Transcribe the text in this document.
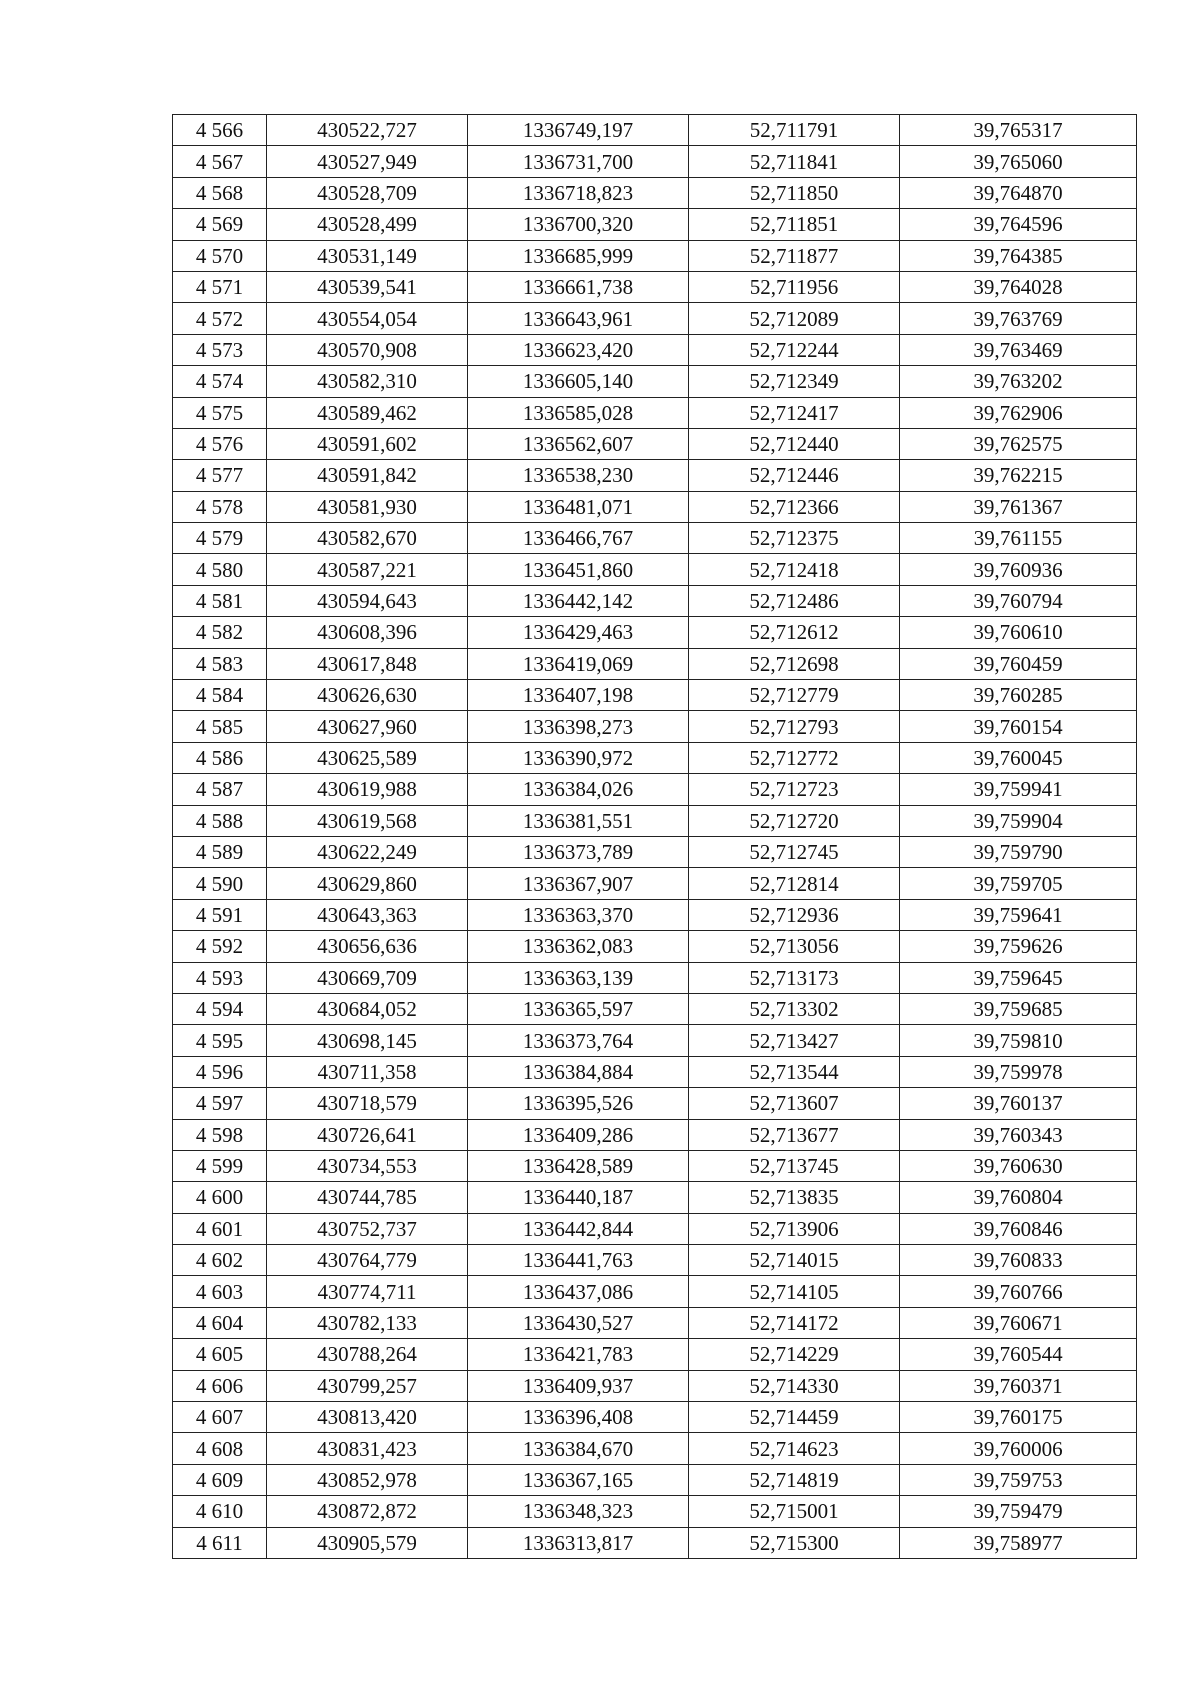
4 566	430522,727	1336749,197	52,711791	39,765317
4 567	430527,949	1336731,700	52,711841	39,765060
4 568	430528,709	1336718,823	52,711850	39,764870
4 569	430528,499	1336700,320	52,711851	39,764596
4 570	430531,149	1336685,999	52,711877	39,764385
4 571	430539,541	1336661,738	52,711956	39,764028
4 572	430554,054	1336643,961	52,712089	39,763769
4 573	430570,908	1336623,420	52,712244	39,763469
4 574	430582,310	1336605,140	52,712349	39,763202
4 575	430589,462	1336585,028	52,712417	39,762906
4 576	430591,602	1336562,607	52,712440	39,762575
4 577	430591,842	1336538,230	52,712446	39,762215
4 578	430581,930	1336481,071	52,712366	39,761367
4 579	430582,670	1336466,767	52,712375	39,761155
4 580	430587,221	1336451,860	52,712418	39,760936
4 581	430594,643	1336442,142	52,712486	39,760794
4 582	430608,396	1336429,463	52,712612	39,760610
4 583	430617,848	1336419,069	52,712698	39,760459
4 584	430626,630	1336407,198	52,712779	39,760285
4 585	430627,960	1336398,273	52,712793	39,760154
4 586	430625,589	1336390,972	52,712772	39,760045
4 587	430619,988	1336384,026	52,712723	39,759941
4 588	430619,568	1336381,551	52,712720	39,759904
4 589	430622,249	1336373,789	52,712745	39,759790
4 590	430629,860	1336367,907	52,712814	39,759705
4 591	430643,363	1336363,370	52,712936	39,759641
4 592	430656,636	1336362,083	52,713056	39,759626
4 593	430669,709	1336363,139	52,713173	39,759645
4 594	430684,052	1336365,597	52,713302	39,759685
4 595	430698,145	1336373,764	52,713427	39,759810
4 596	430711,358	1336384,884	52,713544	39,759978
4 597	430718,579	1336395,526	52,713607	39,760137
4 598	430726,641	1336409,286	52,713677	39,760343
4 599	430734,553	1336428,589	52,713745	39,760630
4 600	430744,785	1336440,187	52,713835	39,760804
4 601	430752,737	1336442,844	52,713906	39,760846
4 602	430764,779	1336441,763	52,714015	39,760833
4 603	430774,711	1336437,086	52,714105	39,760766
4 604	430782,133	1336430,527	52,714172	39,760671
4 605	430788,264	1336421,783	52,714229	39,760544
4 606	430799,257	1336409,937	52,714330	39,760371
4 607	430813,420	1336396,408	52,714459	39,760175
4 608	430831,423	1336384,670	52,714623	39,760006
4 609	430852,978	1336367,165	52,714819	39,759753
4 610	430872,872	1336348,323	52,715001	39,759479
4 611	430905,579	1336313,817	52,715300	39,758977
